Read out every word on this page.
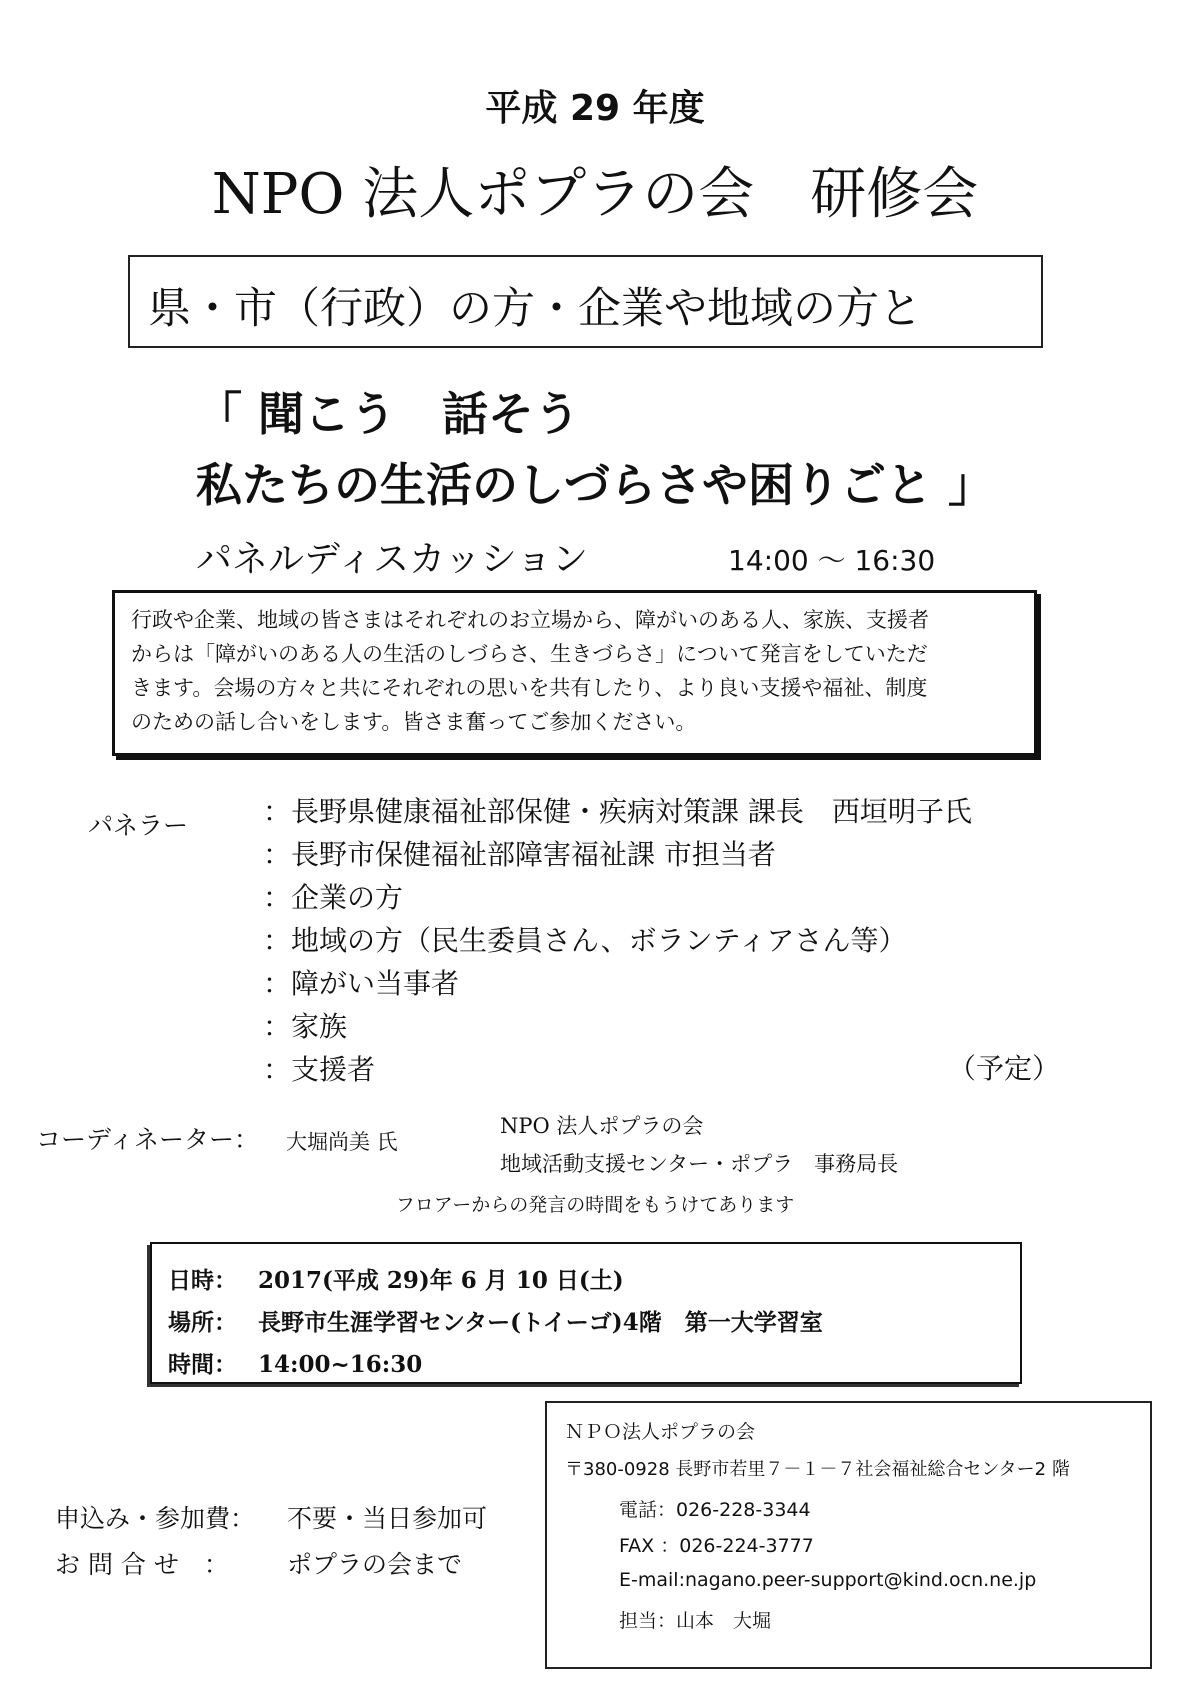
平成 29 年度
NPO 法人ポプラの会　研修会
県・市（行政）の方・企業や地域の方と
「 聞こう　話そう
私たちの生活のしづらさや困りごと 」
パネルディスカッション	14:00 ～ 16:30

行政や企業、地域の皆さまはそれぞれのお立場から、障がいのある人、家族、支援者

からは「障がいのある人の生活のしづらさ、生きづらさ」について発言をしていただ

きます。会場の方々と共にそれぞれの思いを共有したり、より良い支援や福祉、制度

のための話し合いをします。皆さま奮ってご参加ください。

パネラー	：長野県健康福祉部保健・疾病対策課 課長　西垣明子氏
：長野市保健福祉部障害福祉課 市担当者
：企業の方
：地域の方（民生委員さん、ボランティアさん等）
：障がい当事者
：家族
：支援者	（予定）
コーディネーター： 大堀尚美 氏
NPO 法人ポプラの会
地域活動支援センター・ポプラ　事務局長
フロアーからの発言の時間をもうけてあります
日時： 2017(平成 29)年 6 月 10 日(土)
場所： 長野市生涯学習センター(トイーゴ)4階　第一大学習室
時間： 14:00~16:30
ＮＰＯ法人ポプラの会
〒380-0928 長野市若里７－１－７社会福祉総合センター2 階
電話：026-228-3344
FAX ：026-224-3777
E-mail:nagano.peer-support@kind.ocn.ne.jp
担当：山本　大堀
申込み・参加費： 不要・当日参加可
お 問 合 せ　： ポプラの会まで
